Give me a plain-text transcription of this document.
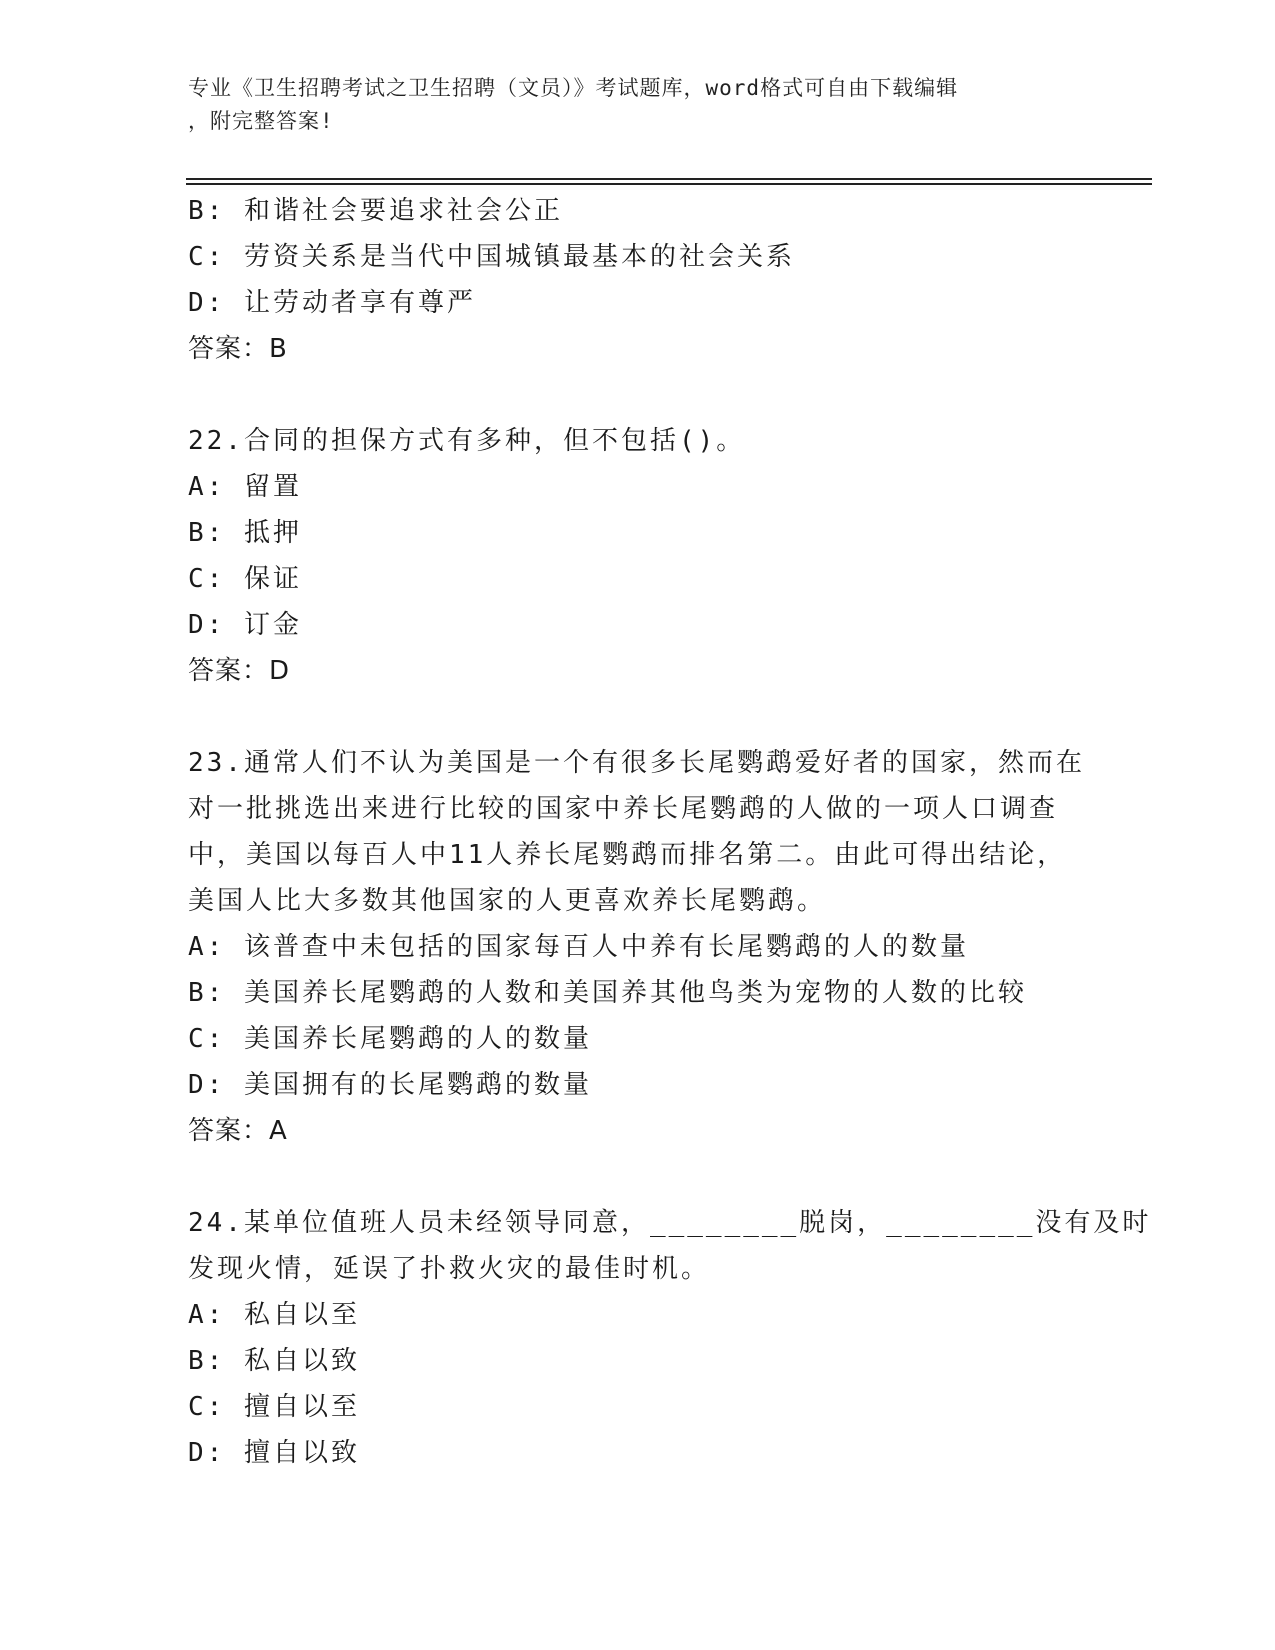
专业《卫生招聘考试之卫生招聘（文员）》考试题库，word格式可自由下载编辑
，附完整答案!
B: 和谐社会要追求社会公正
C: 劳资关系是当代中国城镇最基本的社会关系
D: 让劳动者享有尊严
答案：B
22.合同的担保方式有多种，但不包括()。
A: 留置
B: 抵押
C: 保证
D: 订金
答案：D
23.通常人们不认为美国是一个有很多长尾鹦鹉爱好者的国家，然而在
对一批挑选出来进行比较的国家中养长尾鹦鹉的人做的一项人口调查
中，美国以每百人中11人养长尾鹦鹉而排名第二。由此可得出结论，
美国人比大多数其他国家的人更喜欢养长尾鹦鹉。
A: 该普查中未包括的国家每百人中养有长尾鹦鹉的人的数量
B: 美国养长尾鹦鹉的人数和美国养其他鸟类为宠物的人数的比较
C: 美国养长尾鹦鹉的人的数量
D: 美国拥有的长尾鹦鹉的数量
答案：A
24.某单位值班人员未经领导同意，________脱岗，________没有及时
发现火情，延误了扑救火灾的最佳时机。
A: 私自以至
B: 私自以致
C: 擅自以至
D: 擅自以致
